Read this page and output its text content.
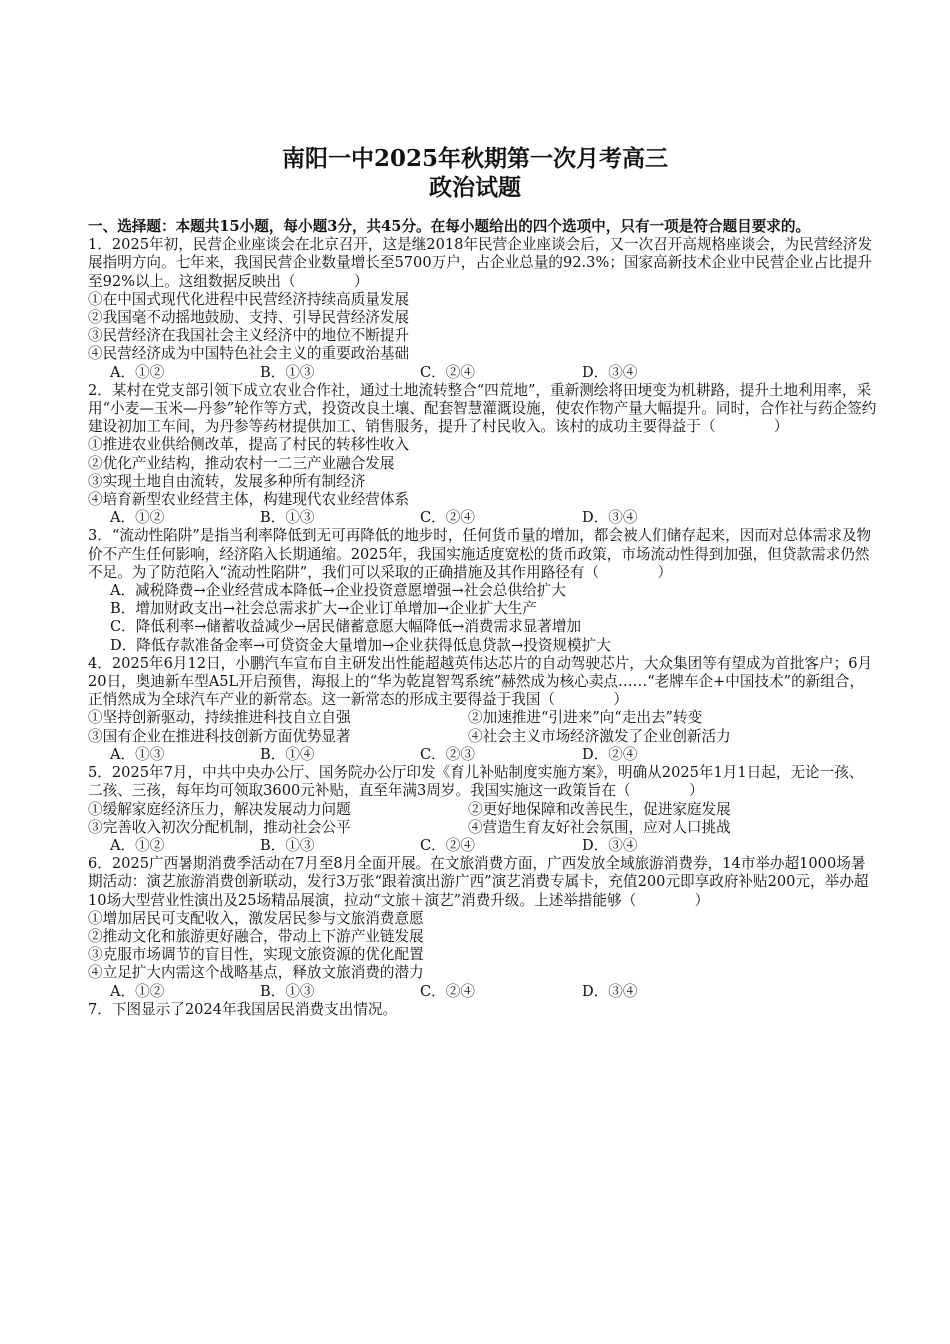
南阳一中2025年秋期第一次月考高三
政治试题

一、选择题：本题共15小题，每小题3分，共45分。在每小题给出的四个选项中，只有一项是符合题目要求的。

1．2025年初，民营企业座谈会在北京召开，这是继2018年民营企业座谈会后，又一次召开高规格座谈会，为民营经济发展指明方向。七年来，我国民营企业数量增长至5700万户，占企业总量的92.3%；国家高新技术企业中民营企业占比提升至92%以上。这组数据反映出（　　　　）

①在中国式现代化进程中民营经济持续高质量发展

②我国毫不动摇地鼓励、支持、引导民营经济发展

③民营经济在我国社会主义经济中的地位不断提升

④民营经济成为中国特色社会主义的重要政治基础

A．①②	B．①③	C．②④	D．③④

2．某村在党支部引领下成立农业合作社，通过土地流转整合“四荒地”，重新测绘将田埂变为机耕路，提升土地利用率，采用“小麦—玉米—丹参”轮作等方式，投资改良土壤、配套智慧灌溉设施，使农作物产量大幅提升。同时，合作社与药企签约建设初加工车间，为丹参等药材提供加工、销售服务，提升了村民收入。该村的成功主要得益于（　　　　）

①推进农业供给侧改革，提高了村民的转移性收入

②优化产业结构，推动农村一二三产业融合发展

③实现土地自由流转，发展多种所有制经济

④培育新型农业经营主体，构建现代农业经营体系

A．①②	B．①③	C．②④	D．③④

3．“流动性陷阱”是指当利率降低到无可再降低的地步时，任何货币量的增加，都会被人们储存起来，因而对总体需求及物价不产生任何影响，经济陷入长期通缩。2025年，我国实施适度宽松的货币政策，市场流动性得到加强，但贷款需求仍然不足。为了防范陷入“流动性陷阱”，我们可以采取的正确措施及其作用路径有（　　　　）

A．减税降费→企业经营成本降低→企业投资意愿增强→社会总供给扩大

B．增加财政支出→社会总需求扩大→企业订单增加→企业扩大生产

C．降低利率→储蓄收益减少→居民储蓄意愿大幅降低→消费需求显著增加

D．降低存款准备金率→可贷资金大量增加→企业获得低息贷款→投资规模扩大

4．2025年6月12日，小鹏汽车宣布自主研发出性能超越英伟达芯片的自动驾驶芯片，大众集团等有望成为首批客户；6月20日，奥迪新车型A5L开启预售，海报上的“华为乾崑智驾系统”赫然成为核心卖点……“老牌车企+中国技术”的新组合，正悄然成为全球汽车产业的新常态。这一新常态的形成主要得益于我国（　　　　）

①坚持创新驱动，持续推进科技自立自强	②加速推进“引进来”向“走出去”转变
③国有企业在推进科技创新方面优势显著	④社会主义市场经济激发了企业创新活力
A．①③	B．①④	C．②③	D．②④

5．2025年7月，中共中央办公厅、国务院办公厅印发《育儿补贴制度实施方案》，明确从2025年1月1日起，无论一孩、二孩、三孩，每年均可领取3600元补贴，直至年满3周岁。我国实施这一政策旨在（　　　　）

①缓解家庭经济压力，解决发展动力问题	②更好地保障和改善民生，促进家庭发展
③完善收入初次分配机制，推动社会公平	④营造生育友好社会氛围，应对人口挑战
A．①②	B．①③	C．②④	D．③④

6．2025广西暑期消费季活动在7月至8月全面开展。在文旅消费方面，广西发放全域旅游消费券，14市举办超1000场暑期活动：演艺旅游消费创新联动，发行3万张“跟着演出游广西”演艺消费专属卡，充值200元即享政府补贴200元，举办超10场大型营业性演出及25场精品展演，拉动“文旅＋演艺”消费升级。上述举措能够（　　　　）

①增加居民可支配收入，激发居民参与文旅消费意愿

②推动文化和旅游更好融合，带动上下游产业链发展

③克服市场调节的盲目性，实现文旅资源的优化配置

④立足扩大内需这个战略基点，释放文旅消费的潜力

A．①②	B．①③	C．②④	D．③④

7．下图显示了2024年我国居民消费支出情况。
